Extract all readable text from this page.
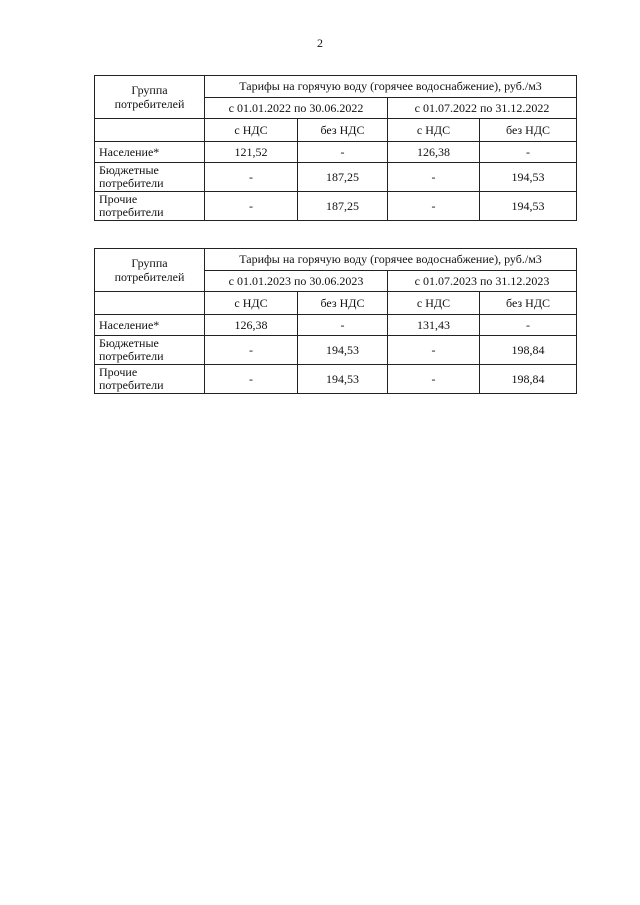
2
Группа потребителей	Тарифы на горячую воду (горячее водоснабжение), руб./м3			
	с 01.01.2022 по 30.06.2022		с 01.07.2022 по 31.12.2022	
	с НДС	без НДС	с НДС	без НДС
Население*	121,52	-	126,38	-
Бюджетные потребители	-	187,25	-	194,53
Прочие потребители	-	187,25	-	194,53
Группа потребителей	Тарифы на горячую воду (горячее водоснабжение), руб./м3			
	с 01.01.2023 по 30.06.2023		с 01.07.2023 по 31.12.2023	
	с НДС	без НДС	с НДС	без НДС
Население*	126,38	-	131,43	-
Бюджетные потребители	-	194,53	-	198,84
Прочие потребители	-	194,53	-	198,84
